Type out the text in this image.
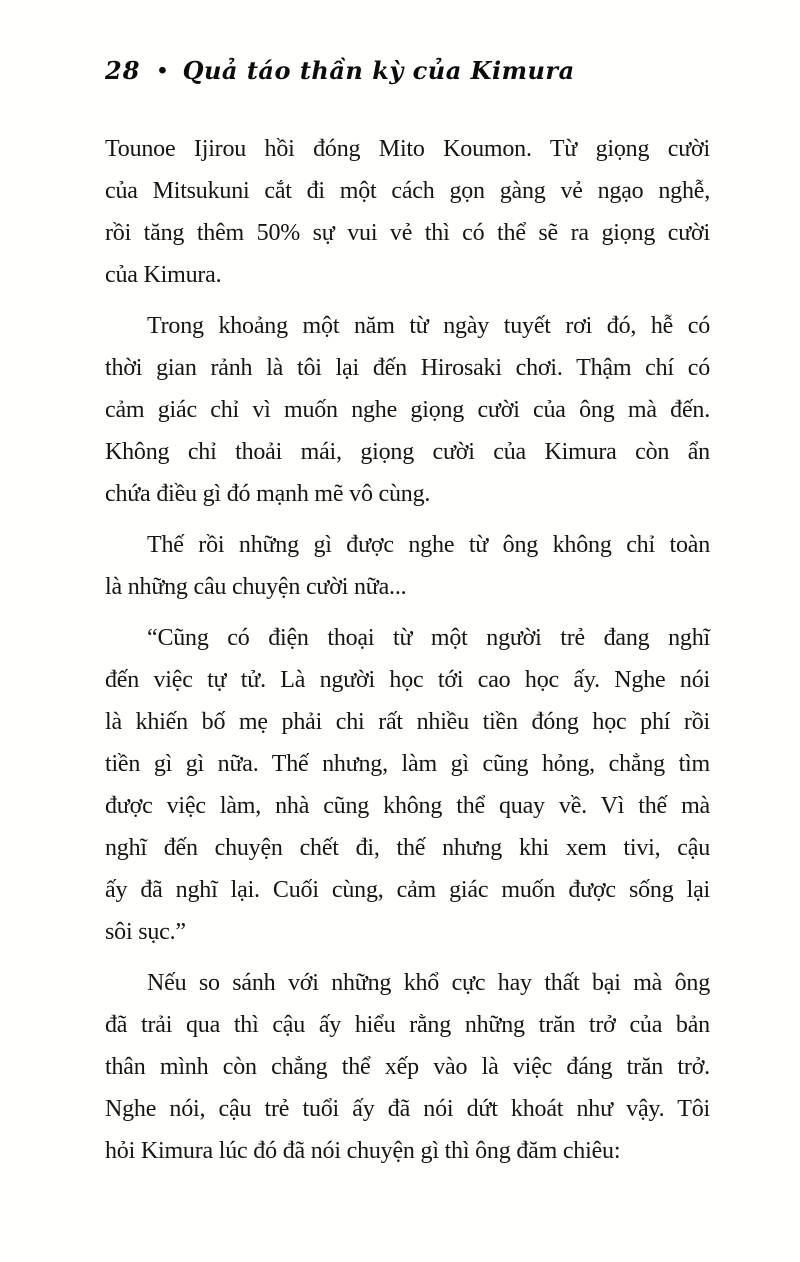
28 • Quả táo thần kỳ của Kimura

Tounoe Ijirou hồi đóng Mito Koumon. Từ giọng cười
của Mitsukuni cắt đi một cách gọn gàng vẻ ngạo nghễ,
rồi tăng thêm 50% sự vui vẻ thì có thể sẽ ra giọng cười
của Kimura.

Trong khoảng một năm từ ngày tuyết rơi đó, hễ có
thời gian rảnh là tôi lại đến Hirosaki chơi. Thậm chí có
cảm giác chỉ vì muốn nghe giọng cười của ông mà đến.
Không chỉ thoải mái, giọng cười của Kimura còn ẩn
chứa điều gì đó mạnh mẽ vô cùng.

Thế rồi những gì được nghe từ ông không chỉ toàn
là những câu chuyện cười nữa...

“Cũng có điện thoại từ một người trẻ đang nghĩ
đến việc tự tử. Là người học tới cao học ấy. Nghe nói
là khiến bố mẹ phải chi rất nhiều tiền đóng học phí rồi
tiền gì gì nữa. Thế nhưng, làm gì cũng hỏng, chẳng tìm
được việc làm, nhà cũng không thể quay về. Vì thế mà
nghĩ đến chuyện chết đi, thế nhưng khi xem tivi, cậu
ấy đã nghĩ lại. Cuối cùng, cảm giác muốn được sống lại
sôi sục.”

Nếu so sánh với những khổ cực hay thất bại mà ông
đã trải qua thì cậu ấy hiểu rằng những trăn trở của bản
thân mình còn chẳng thể xếp vào là việc đáng trăn trở.
Nghe nói, cậu trẻ tuổi ấy đã nói dứt khoát như vậy. Tôi
hỏi Kimura lúc đó đã nói chuyện gì thì ông đăm chiêu:
